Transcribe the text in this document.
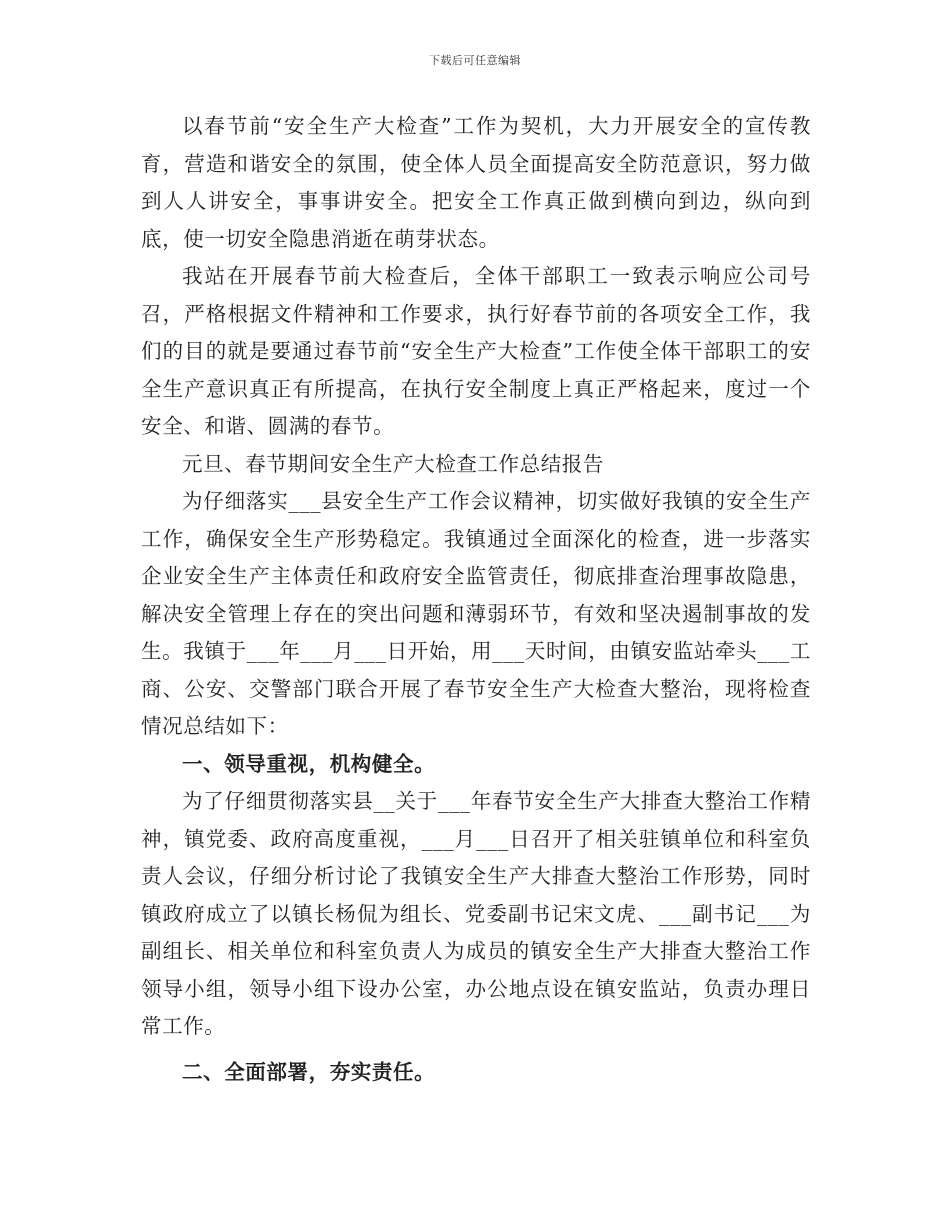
下载后可任意编辑

以春节前“安全生产大检查”工作为契机，大力开展安全的宣传教育，营造和谐安全的氛围，使全体人员全面提高安全防范意识，努力做到人人讲安全，事事讲安全。把安全工作真正做到横向到边，纵向到底，使一切安全隐患消逝在萌芽状态。

我站在开展春节前大检查后，全体干部职工一致表示响应公司号召，严格根据文件精神和工作要求，执行好春节前的各项安全工作，我们的目的就是要通过春节前“安全生产大检查”工作使全体干部职工的安全生产意识真正有所提高，在执行安全制度上真正严格起来，度过一个安全、和谐、圆满的春节。

元旦、春节期间安全生产大检查工作总结报告

为仔细落实___县安全生产工作会议精神，切实做好我镇的安全生产工作，确保安全生产形势稳定。我镇通过全面深化的检查，进一步落实企业安全生产主体责任和政府安全监管责任，彻底排查治理事故隐患，解决安全管理上存在的突出问题和薄弱环节，有效和坚决遏制事故的发生。我镇于___年___月___日开始，用___天时间，由镇安监站牵头___工商、公安、交警部门联合开展了春节安全生产大检查大整治，现将检查情况总结如下：

一、领导重视，机构健全。

为了仔细贯彻落实县__关于___年春节安全生产大排查大整治工作精神，镇党委、政府高度重视，___月___日召开了相关驻镇单位和科室负责人会议，仔细分析讨论了我镇安全生产大排查大整治工作形势，同时镇政府成立了以镇长杨侃为组长、党委副书记宋文虎、___副书记___为副组长、相关单位和科室负责人为成员的镇安全生产大排查大整治工作领导小组，领导小组下设办公室，办公地点设在镇安监站，负责办理日常工作。

二、全面部署，夯实责任。
